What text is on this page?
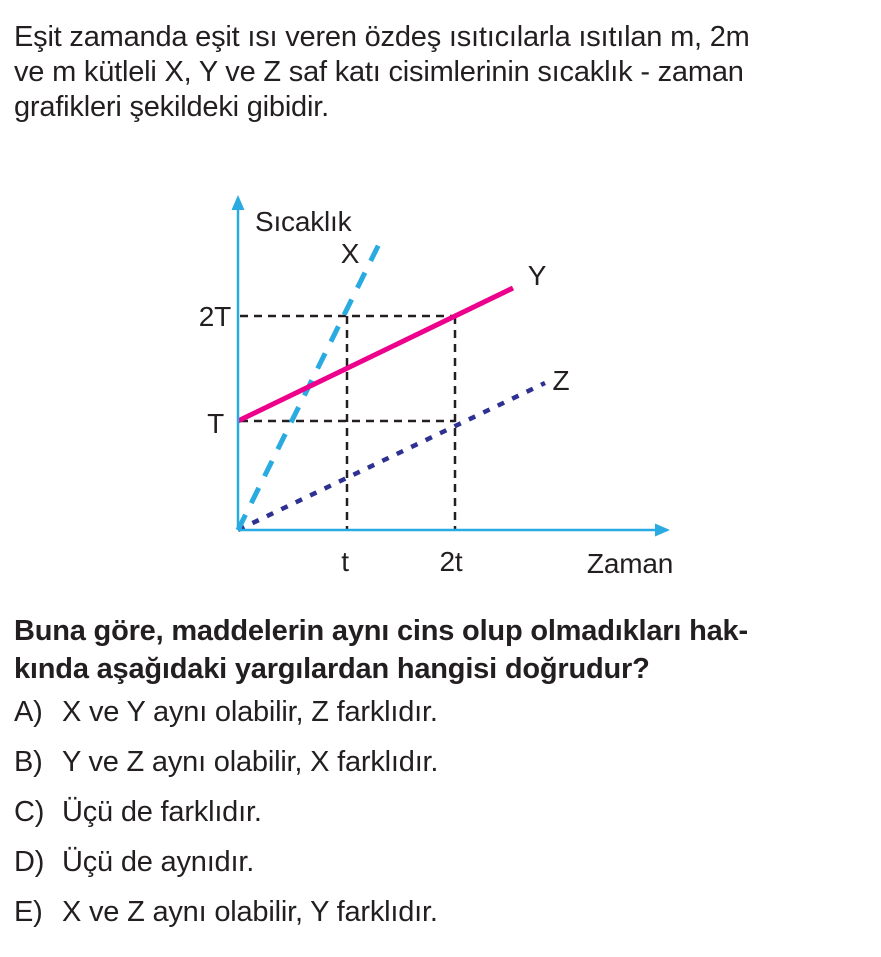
Eşit zamanda eşit ısı veren özdeş ısıtıcılarla ısıtılan m, 2m
ve m kütleli X, Y ve Z saf katı cisimlerinin sıcaklık - zaman
grafikleri şekildeki gibidir.
Sıcaklık
Zaman
2T
T
t	2t
X
Y
Z
Buna göre, maddelerin aynı cins olup olmadıkları hak-
kında aşağıdaki yargılardan hangisi doğrudur?
A) X ve Y aynı olabilir, Z farklıdır.
B) Y ve Z aynı olabilir, X farklıdır.
C) Üçü de farklıdır.
D) Üçü de aynıdır.
E) X ve Z aynı olabilir, Y farklıdır.
